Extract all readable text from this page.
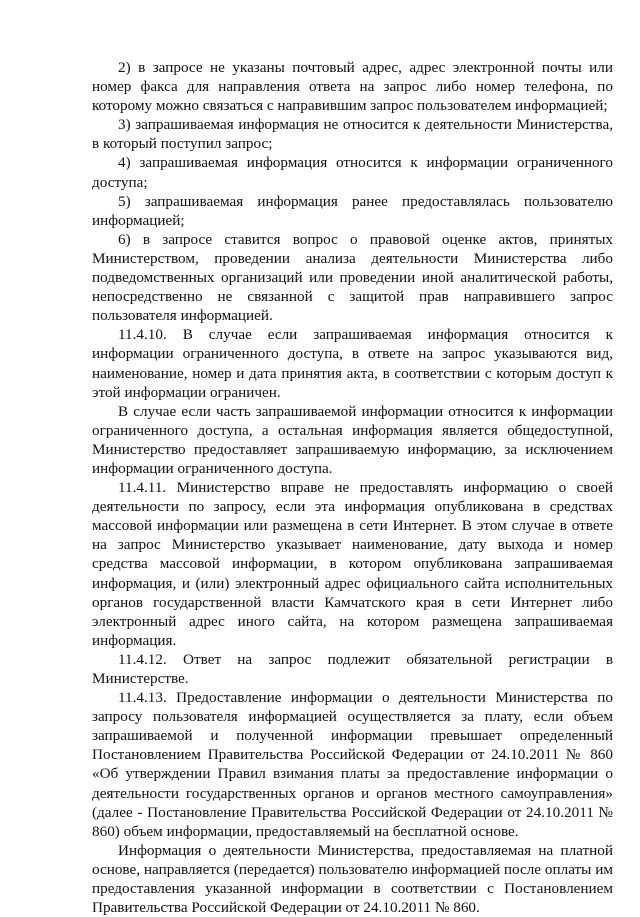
2) в запросе не указаны почтовый адрес, адрес электронной почты или номер факса для направления ответа на запрос либо номер телефона, по которому можно связаться с направившим запрос пользователем информацией;

3) запрашиваемая информация не относится к деятельности Министерства, в который поступил запрос;

4) запрашиваемая информация относится к информации ограниченного доступа;

5) запрашиваемая информация ранее предоставлялась пользователю информацией;

6) в запросе ставится вопрос о правовой оценке актов, принятых Министерством, проведении анализа деятельности Министерства либо подведомственных организаций или проведении иной аналитической работы, непосредственно не связанной с защитой прав направившего запрос пользователя информацией.

11.4.10. В случае если запрашиваемая информация относится к информации ограниченного доступа, в ответе на запрос указываются вид, наименование, номер и дата принятия акта, в соответствии с которым доступ к этой информации ограничен.

В случае если часть запрашиваемой информации относится к информации ограниченного доступа, а остальная информация является общедоступной, Министерство предоставляет запрашиваемую информацию, за исключением информации ограниченного доступа.

11.4.11. Министерство вправе не предоставлять информацию о своей деятельности по запросу, если эта информация опубликована в средствах массовой информации или размещена в сети Интернет. В этом случае в ответе на запрос Министерство указывает наименование, дату выхода и номер средства массовой информации, в котором опубликована запрашиваемая информация, и (или) электронный адрес официального сайта исполнительных органов государственной власти Камчатского края в сети Интернет либо электронный адрес иного сайта, на котором размещена запрашиваемая информация.

11.4.12. Ответ на запрос подлежит обязательной регистрации в Министерстве.

11.4.13. Предоставление информации о деятельности Министерства по запросу пользователя информацией осуществляется за плату, если объем запрашиваемой и полученной информации превышает определенный Постановлением Правительства Российской Федерации от 24.10.2011 № 860 «Об утверждении Правил взимания платы за предоставление информации о деятельности государственных органов и органов местного самоуправления» (далее - Постановление Правительства Российской Федерации от 24.10.2011 № 860) объем информации, предоставляемый на бесплатной основе.

Информация о деятельности Министерства, предоставляемая на платной основе, направляется (передается) пользователю информацией после оплаты им предоставления указанной информации в соответствии с Постановлением Правительства Российской Федерации от 24.10.2011 № 860.
